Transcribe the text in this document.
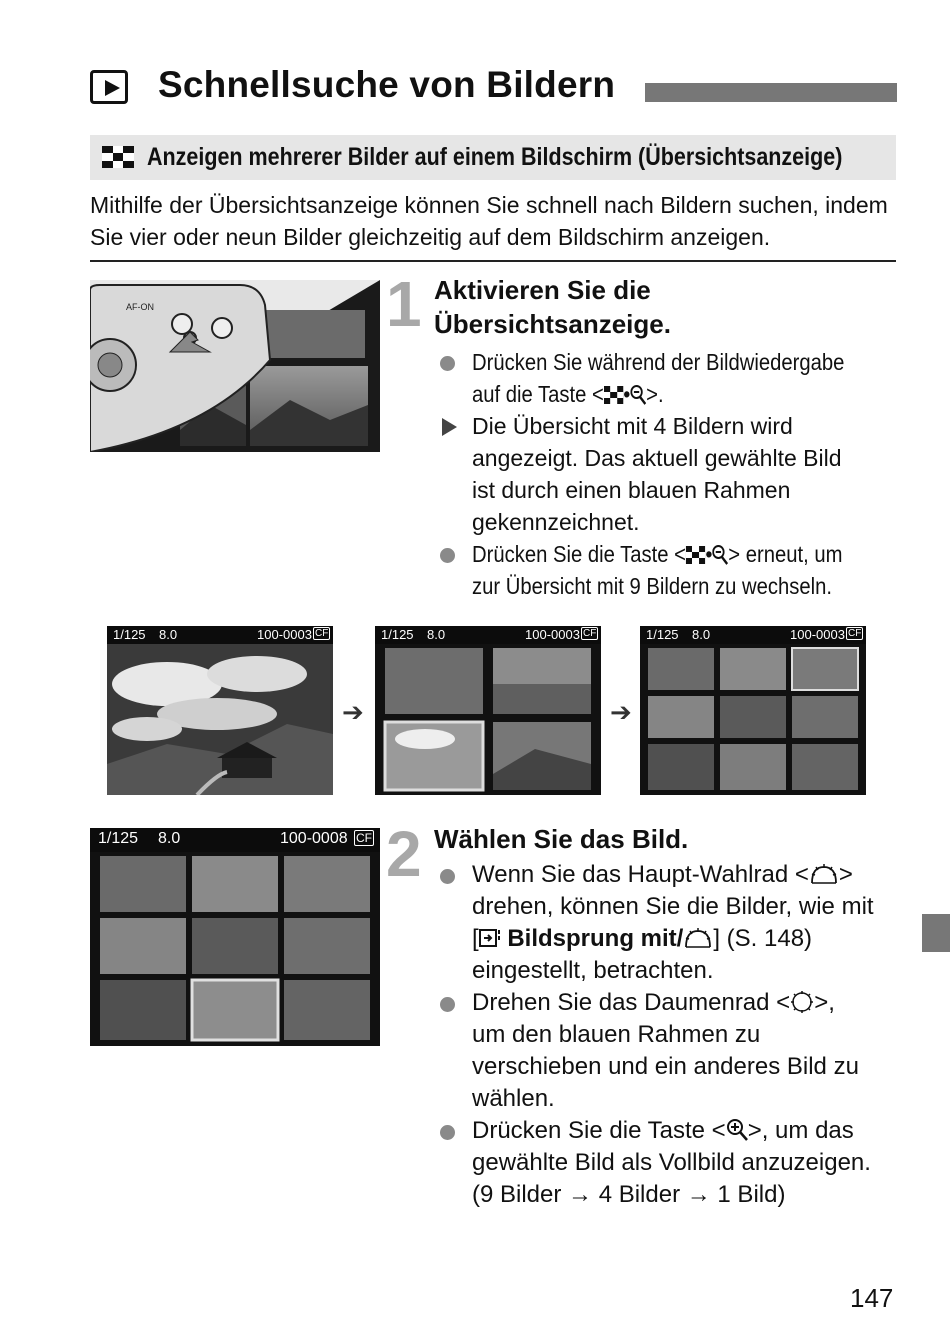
Schnellsuche von Bildern
Anzeigen mehrerer Bilder auf einem Bildschirm (Übersichtsanzeige)
Mithilfe der Übersichtsanzeige können Sie schnell nach Bildern suchen, indem Sie vier oder neun Bilder gleichzeitig auf dem Bildschirm anzeigen.
AF-ON	1 Aktivieren Sie die
Übersichtsanzeige.
Drücken Sie während der Bildwiedergabe
auf die Taste < • >.
Die Übersicht mit 4 Bildern wird
angezeigt. Das aktuell gewählte Bild
ist durch einen blauen Rahmen
gekennzeichnet.
Drücken Sie die Taste < • > erneut, um
zur Übersicht mit 9 Bildern zu wechseln.
1/125 8.0	100-0003 CF
➔
1/125 8.0	100-0003 CF
➔
1/125 8.0	100-0003 CF
1/125 8.0	100-0008 CF 2 Wählen Sie das Bild.
Wenn Sie das Haupt-Wahlrad < >
drehen, können Sie die Bilder, wie mit
[ Bildsprung mit/ ] (S. 148)
eingestellt, betrachten.
Drehen Sie das Daumenrad < >,
um den blauen Rahmen zu
verschieben und ein anderes Bild zu
wählen.
Drücken Sie die Taste < >, um das
gewählte Bild als Vollbild anzuzeigen.
(9 Bilder → 4 Bilder → 1 Bild)
147
